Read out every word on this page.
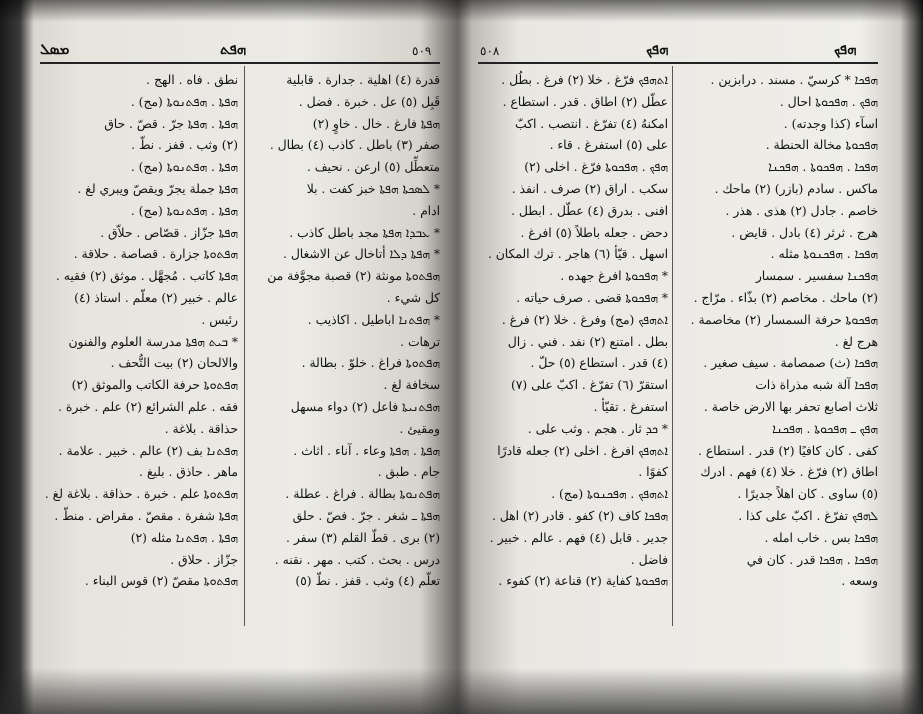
ܡܣܠ	ܗܦܬ	٥٠٩
نطق . فاه . الهج .
ܗܦܬܐ . ܗܦܬܢܘܬܐ (مج) .
ܗܦܬܐ . ܗܦܬܐ جرّ . قصّ . حاق
(٢) وثب . قفز . نطّ .
ܗܦܬܐ . ܗܦܬܢܘܬܐ (مج) .
ܗܦܬܐ جملة يجرّ ويقصّ ويبري لغ .
ܗܦܬܐ . ܗܦܬܢܘܬܐ (مج) .
ܗܦܬܐ جزّاز . قصّاص . حلاّق .
ܗܦܬܘܬܐ جزارة . قصاصة . حلاقة .
ܗܦܬܐ كاتب . مُجهَّل . موثق (٢) فقيه .
عالم . خبير (٢) معلّم . استاذ (٤)
رئيس .
* ܒܝܬ ܗܦܬܐ مدرسة العلوم والفنون
والالحان (٢) بيت التُّحف .
ܗܦܬܘܬܐ حرفة الكاتب والموثق (٢)
فقه . علم الشرائع (٢) علم . خبرة .
حذاقة . بلاغة .
ܗܦܬܢܐ بف (٢) عالم . خبير . علامة .
ماهر . حاذق . بليغ .
ܗܦܬܘܬܐ علم . خبرة . حذاقة . بلاغة لغ .
ܗܦܬܐ شفرة . مقصّ . مقراض . منطّ .
ܗܦܬܐ . ܗܦܬܢܐ مثله (٢)
جزّاز . حلاق .
ܗܦܬܘܬܐ مقصّ (٢) قوس البناء .
قدرة (٤) اهلية . جدارة . قابلية
قَبِل (٥) عل . خبرة . فضل .
ܗܦܬܐ فارغ . خال . خاوٍ (٢)
صفر (٣) باطل . كاذب (٤) بطال .
متعطِّل (٥) ارعن . نحيف .
* ܠܣܟܬܐ ܗܦܬܐ خبز كفت . بلا
ادام .
* ܥܒܕܐ ܗܦܬܐ مجد باطل كاذب .
* ܗܦܬܐ ܕܠܐ أتاخال عن الاشغال .
ܗܦܬܘܬܐ مونثة (٢) قصبة مجوَّفة من
كل شيء .
* ܗܦܬܢܐ اباطيل . اكاذيب .
ترهات .
ܗܦܬܘܬܐ فراغ . خلوّ . بطالة .
سخافة لغ .
ܗܦܬܢܝܬܐ فاعل (٢) دواء مسهل
ومقيئ .
ܗܦܬܐ . ܗܦܬܐ وعاء . آناء . اثاث .
جام . طبق .
ܗܦܬܢܘܬܐ بطالة . فراغ . عطلة .
ܗܦܬܐ ـ شغر . جرّ . فصّ . حلق
(٢) برى . قطّ القلم (٣) سفر .
درس . بحث . كتب . مهر . نقنه .
تعلّم (٤) وثب . قفز . نطّ (٥)
٥٠٨	ܗܦܟ	ܗܦܟ
ܐܬܗܦܟ فرّغ . خلا (٢) فرغ . بطُل .
عطّل (٢) اطاق . قدر . استطاع .
امكنهُ (٤) تفرّغ . انتصب . اكبّ
على (٥) استفرغ . قاء .
ܗܦܟ . ܗܦܟܘܬܐ فرّغ . اخلى (٢)
سكب . اراق (٢) صرف . انفذ .
افنى . بدرق (٤) عطّل . ابطل .
دحض . جعله باطلاً (٥) افرغ .
اسهل . قيّأ (٦) هاجر . ترك المكان .
* ܗܦܟܘܬܐ افرغ جهده .
* ܗܦܟܘܬܐ قضى . صرف حياته .
ܐܬܗܦܟ (مج) وفرغ . خلا (٢) فرغ .
بطل . امتنع (٢) نفد . فني . زال
(٤) قدر . استطاع (٥) حلّ .
استقرّ (٦) تفرّغ . اكبّ على (٧)
استفرغ . تقيّأ .
* ܟܕ ثار . هجم . وثب على .
ܐܬܗܦܟ افرغ . اخلى (٢) جعله قادرًا
كفوًا .
ܐܬܗܦܟ . ܗܦܟܢܘܬܐ (مج) .
ܗܦܟܐ كاف (٢) كفو . قادر (٢) اهل .
جدير . قابل (٤) فهم . عالم . خبير .
فاضل .
ܗܦܟܘܬܐ كفاية (٢) قناعة (٢) كفوء .
ܗܦܟܐ * كرسيّ . مسند . درابزين .
ܗܦܟ . ܗܦܟܘܬܐ احال .
اسآء (كذا وجدته) .
ܗܦܟܘܬܐ مخالة الحنطة .
ܗܦܟܐ . ܗܦܟܘܬܐ . ܗܦܟܢܐ
ماكس . سادم (بازر) (٢) ماحك .
خاصم . جادل (٢) هذى . هذر .
هرج . ثرثر (٤) بادل . قايض .
ܗܦܟܐ . ܗܦܟܢܘܬܐ مثله .
ܗܦܟܢܐ سفسير . سمسار
(٢) ماحك . مخاصم (٢) بذّاء . مرّاج .
ܗܦܟܘܬܐ حرفة السمسار (٢) مخاصمة .
هرج لغ .
ܗܦܟܐ (ث) صمصامة . سيف صغير .
ܗܦܟܐ آلة شبه مذراة ذات
ثلاث اصابع تحفر بها الارض خاصة .
ܗܦܟ ـ ܗܦܟܘܬܐ . ܗܦܟܢܐ
كفى . كان كافيًا (٢) قدر . استطاع .
اطاق (٢) فرّغ . خلا (٤) فهم . ادرك
(٥) ساوى . كان اهلاً جديرًا .
ܠܗܦܟ تفرّغ . اكبّ على كذا .
ܗܦܟܐ بس . خاب امله .
ܗܦܟܐ . ܗܦܟܐ قدر . كان في
وسعه .
